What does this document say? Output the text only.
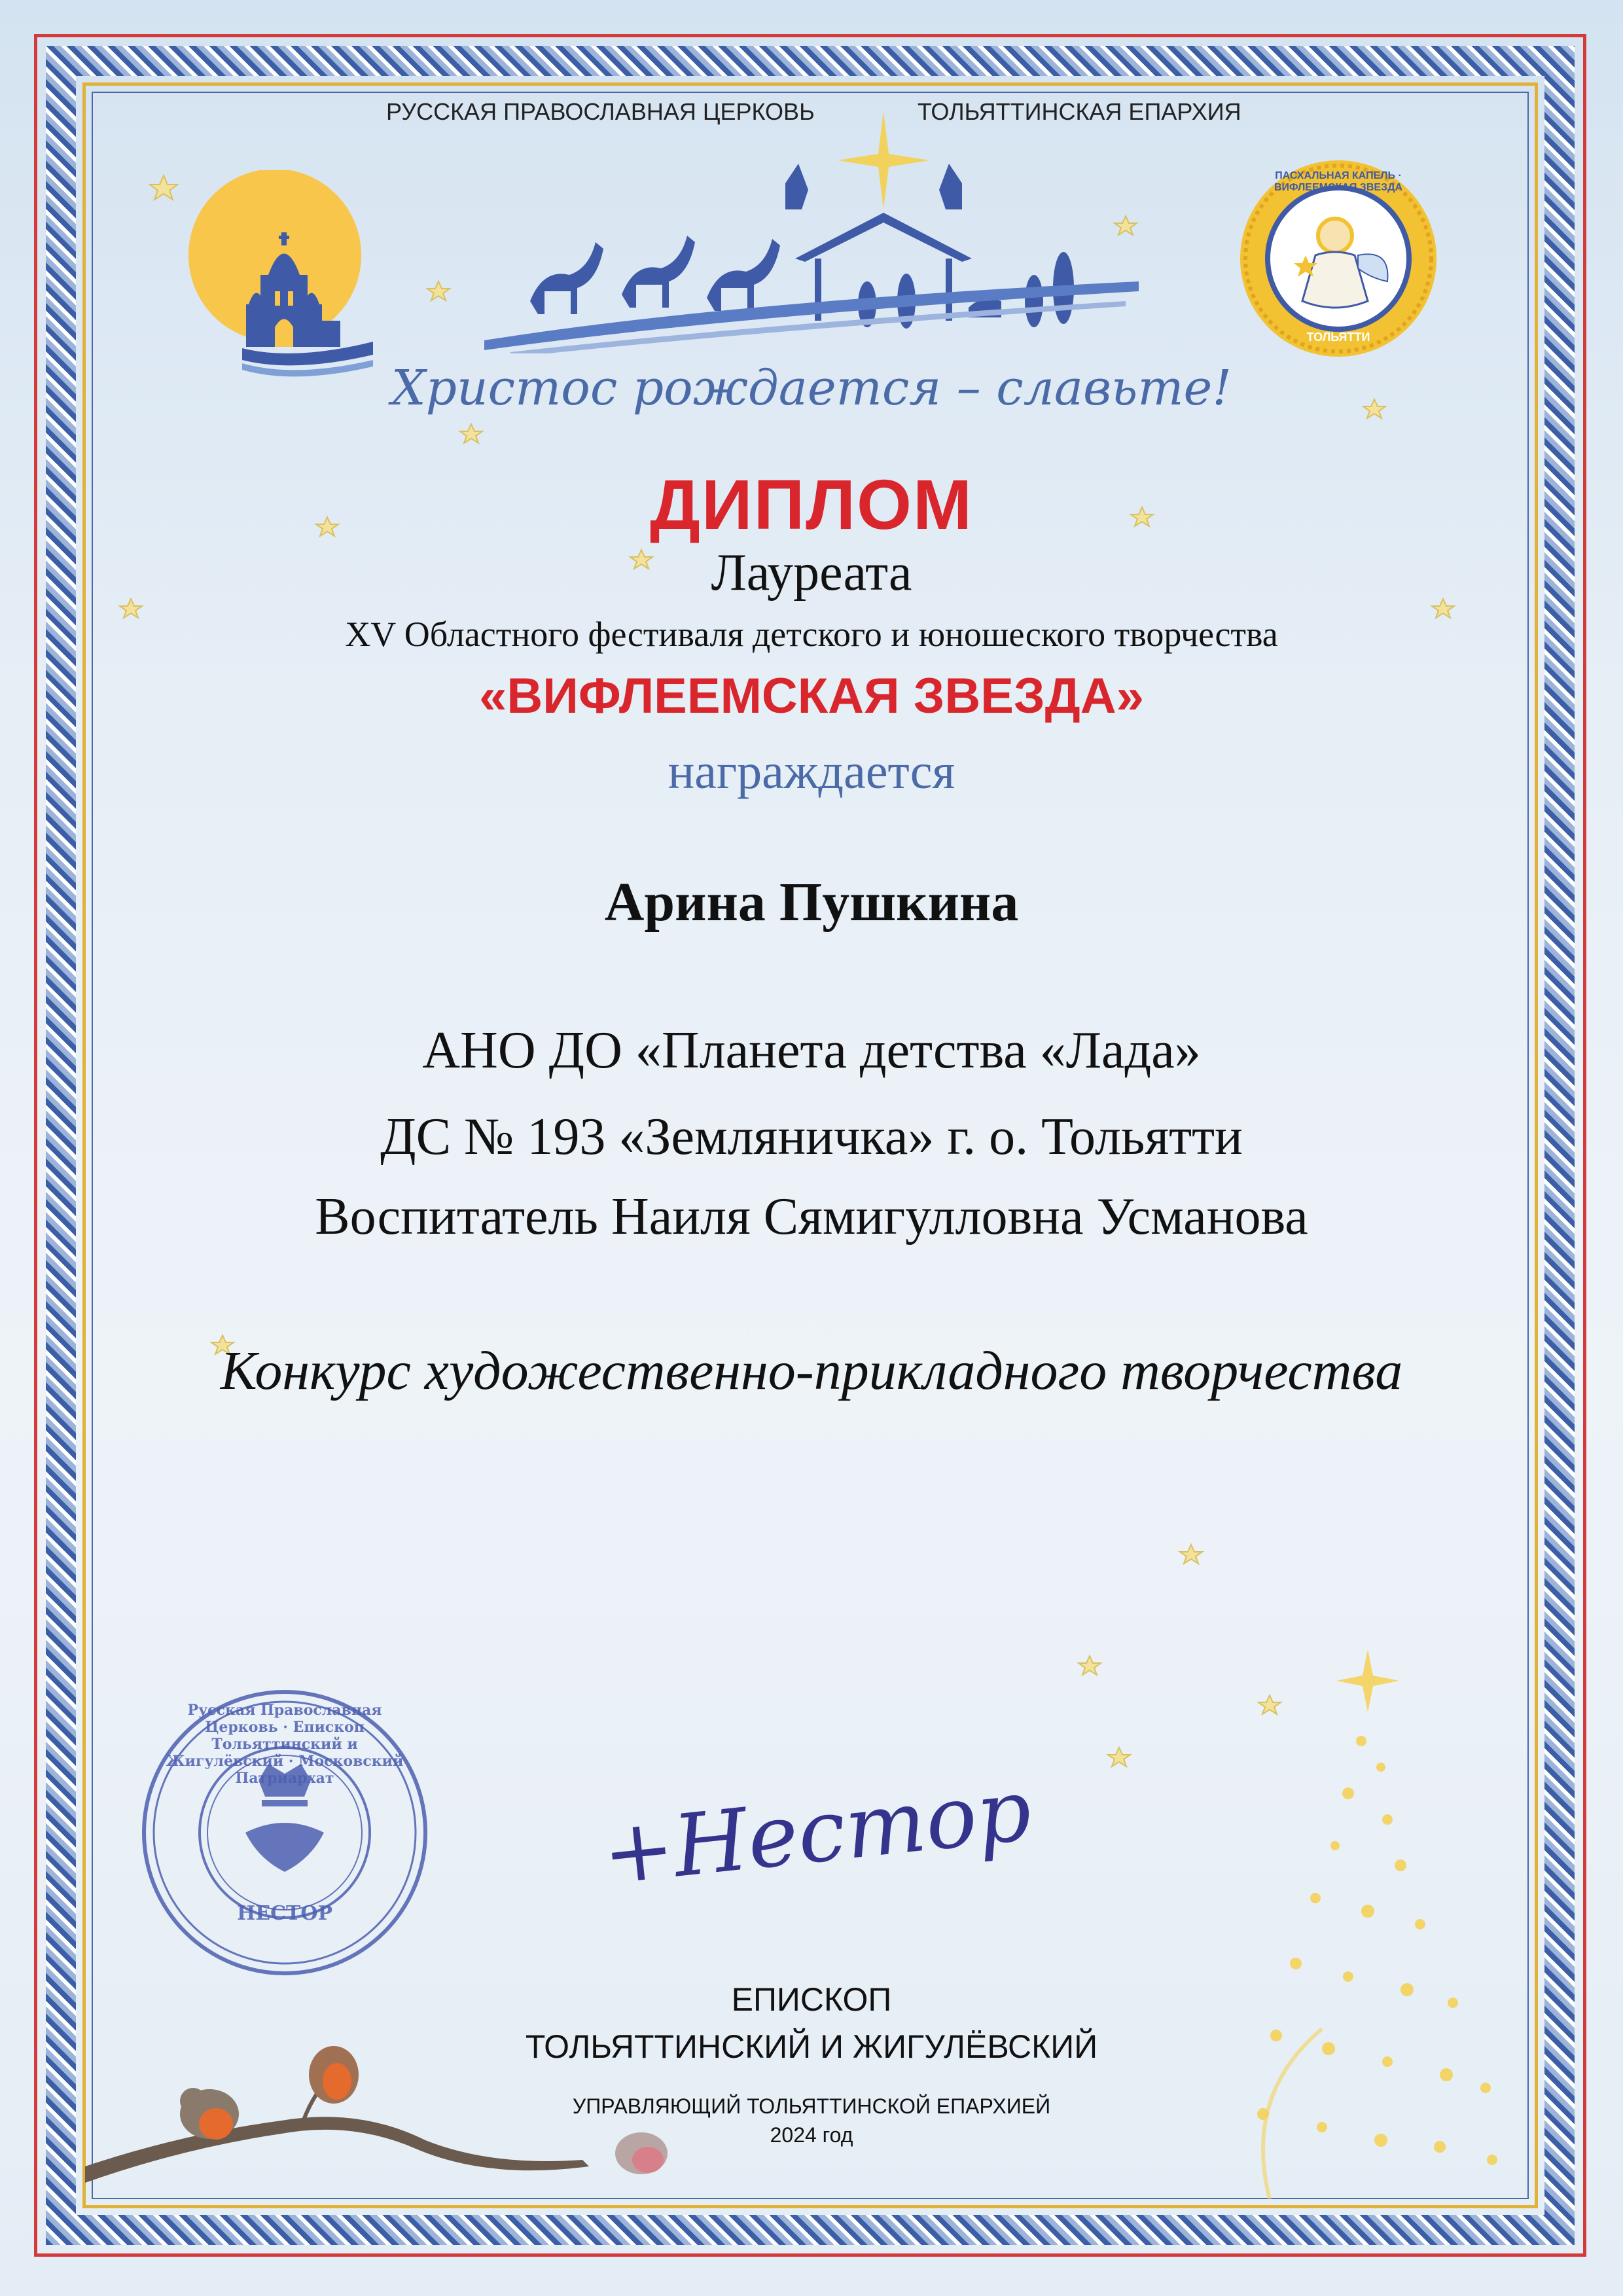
РУССКАЯ ПРАВОСЛАВНАЯ ЦЕРКОВЬ	ТОЛЬЯТТИНСКАЯ ЕПАРХИЯ
ПАСХАЛЬНАЯ КАПЕЛЬ · ВИФЛЕЕМСКАЯ ЗВЕЗДА
ТОЛЬЯТТИ

Христос рождается – славьте!

ДИПЛОМ

Лауреата

XV Областного фестиваля детского и юношеского творчества

«ВИФЛЕЕМСКАЯ ЗВЕЗДА»

награждается

Арина Пушкина

АНО ДО «Планета детства «Лада»

ДС № 193 «Земляничка» г. о. Тольятти

Воспитатель Наиля Сямигулловна Усманова

Конкурс художественно-прикладного творчества

Русская Православная Церковь · Епископ Тольяттинский и Жигулёвский · Московский Патриархат
НЕСТОР
+Нестор

ЕПИСКОП

ТОЛЬЯТТИНСКИЙ И ЖИГУЛЁВСКИЙ

УПРАВЛЯЮЩИЙ ТОЛЬЯТТИНСКОЙ ЕПАРХИЕЙ

2024 год
